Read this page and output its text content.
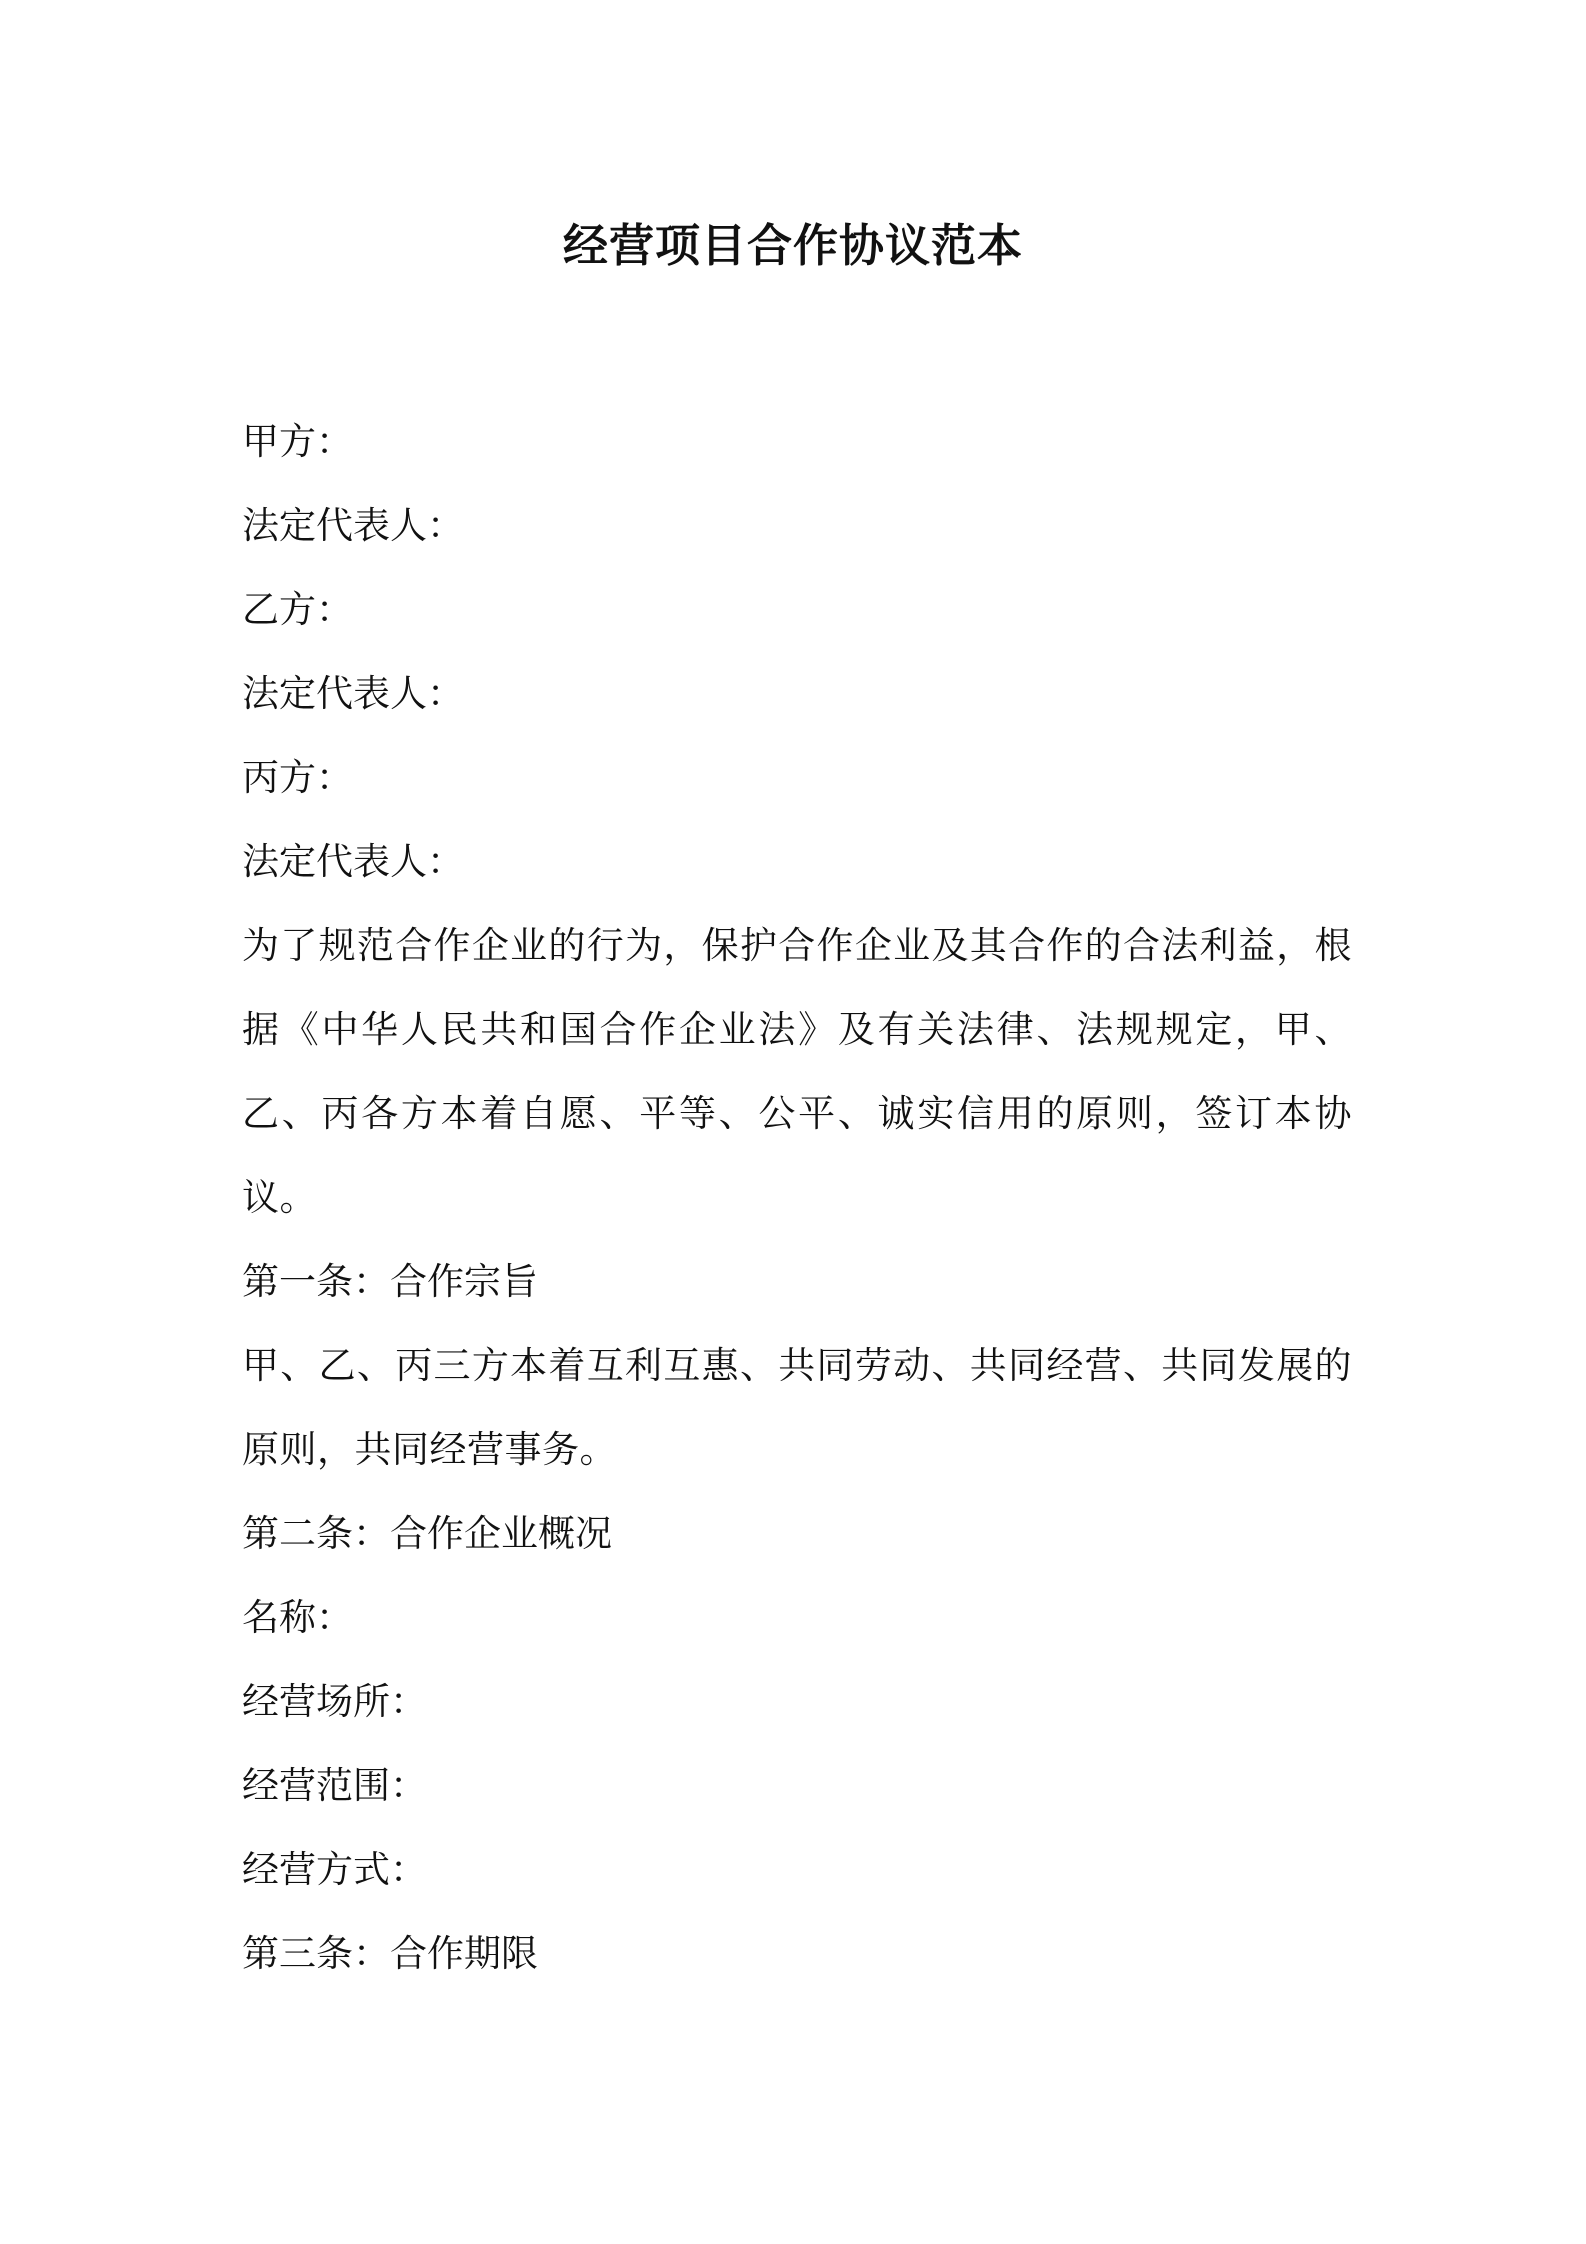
经营项目合作协议范本
甲方：
法定代表人：
乙方：
法定代表人：
丙方：
法定代表人：
为了规范合作企业的行为，保护合作企业及其合作的合法利益，根据《中华人民共和国合作企业法》及有关法律、法规规定，甲、乙、丙各方本着自愿、平等、公平、诚实信用的原则，签订本协议。
第一条：合作宗旨
甲、乙、丙三方本着互利互惠、共同劳动、共同经营、共同发展的原则，共同经营事务。
第二条：合作企业概况
名称：
经营场所：
经营范围：
经营方式：
第三条：合作期限
